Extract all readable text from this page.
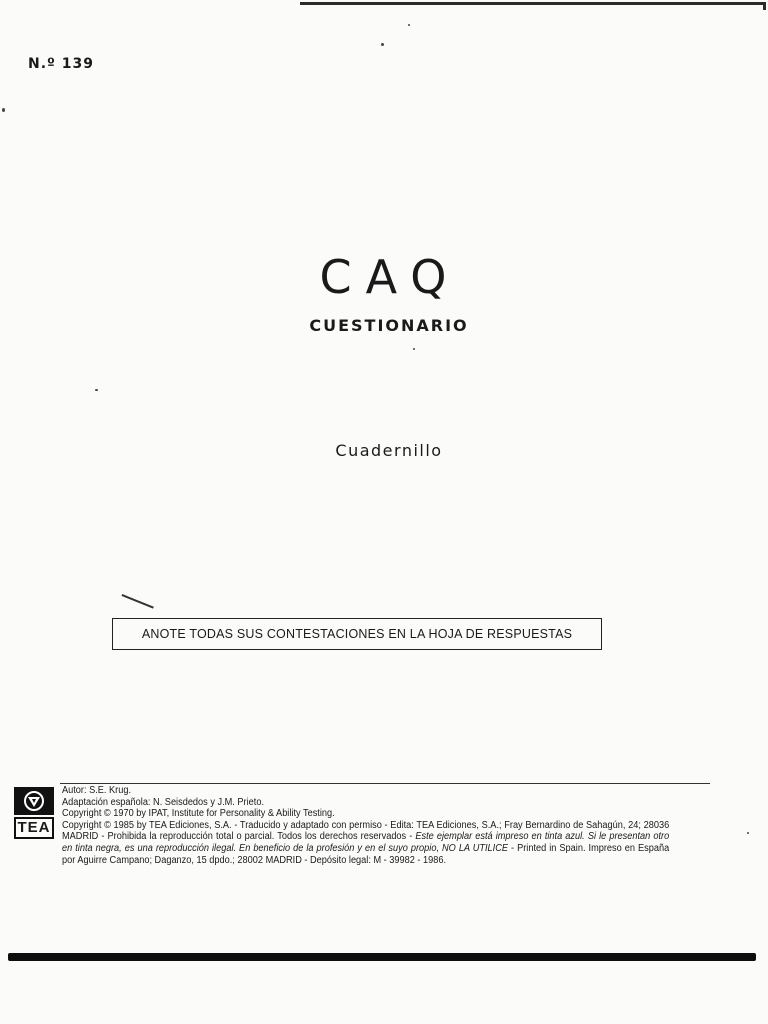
N.º 139
CAQ
CUESTIONARIO
Cuadernillo
ANOTE TODAS SUS CONTESTACIONES EN LA HOJA DE RESPUESTAS
TEA

Autor: S.E. Krug.

Adaptación española: N. Seisdedos y J.M. Prieto.

Copyright © 1970 by IPAT, Institute for Personality & Ability Testing.

Copyright © 1985 by TEA Ediciones, S.A. - Traducido y adaptado con permiso - Edita: TEA Ediciones, S.A.; Fray Bernardino de Sahagún, 24; 28036 MADRID - Prohibida la reproducción total o parcial. Todos los derechos reservados - Este ejemplar está impreso en tinta azul. Si le presentan otro en tinta negra, es una reproducción ilegal. En beneficio de la profesión y en el suyo propio, NO LA UTILICE - Printed in Spain. Impreso en España por Aguirre Campano; Daganzo, 15 dpdo.; 28002 MADRID - Depósito legal: M - 39982 - 1986.
